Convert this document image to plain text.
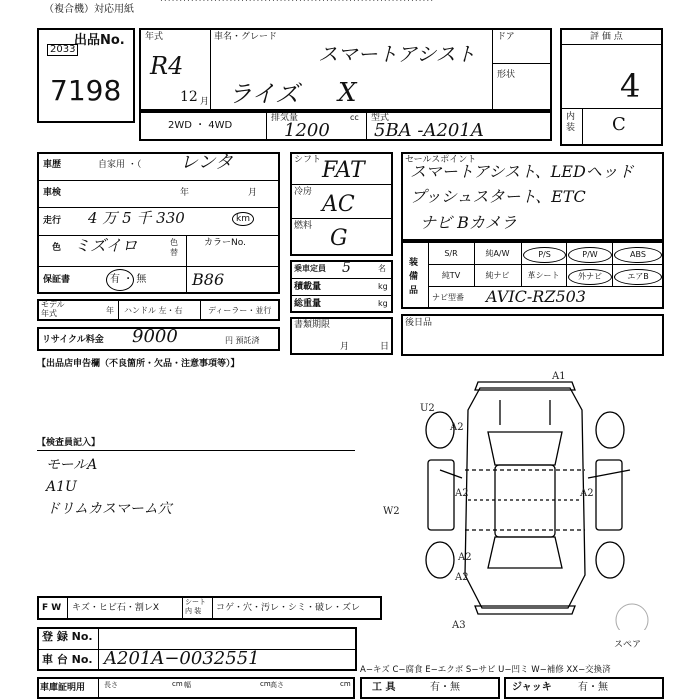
（複合機）対応用紙
出品No.
2033
7198
年式
R4
12 月
車名・グレード
スマートアシスト
ライズ X
ドア
形状
評 価 点
4
内装 C
2WD ・ 4WD
排気量	cc
1200
型式
5BA -A201A
車歴	自家用 ・（ レンタ
車検	年	月
走行 4 万 5 千 330	km
色 ミズイロ	色替
カラーNo.
保証書	有 ・ 無	B86
モデル
年式	年 ハンドル 左・右	ディーラー・並行
リサイクル料金 9000	円 預託済
シフト FAT
冷房 AC
燃料 G
乗車定員 5	名
積載量	kg
総重量	kg
書類期限
月	日
セールスポイント
スマートアシスト、LEDヘッド
プッシュスタート、ETC
ナビ Bカメラ
装備品
S/R	純A/W	P/S	P/W	ABS
純TV	純ナビ	革シート	外ナビ	エアB
ナビ型番 AVIC-RZ503
後日品
【出品店申告欄（不良箇所・欠品・注意事項等）】
【検査員記入】
モールA
A1U
ドリムカスマーム穴
A1
U2
A2
A2
A2
A2
W2
A2
A3
スペア
F W キズ・ヒビ石・割レX
シート内 装	コゲ・穴・汚レ・シミ・破レ・ズレ
登 録 No.
車 台 No. A201A−0032551
A−キズ C−腐食 E−エクボ S−サビ U−凹ミ W−補修 XX−交換済
車庫証明用	長さ	cm 幅	cm 高さ	cm 工 具	有・無	ジャッキ	有・無
